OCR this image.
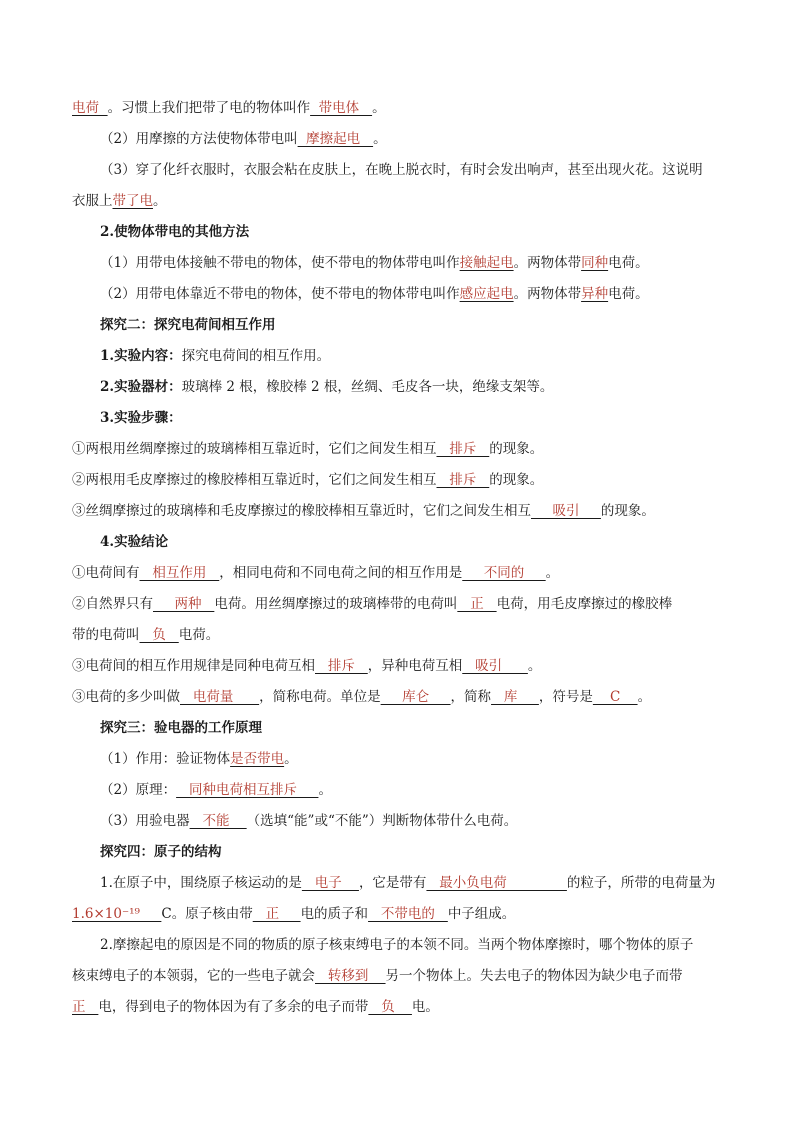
电荷  。习惯上我们把带了电的物体叫作  带电体   。
（2）用摩擦的方法使物体带电叫  摩擦起电   。
（3）穿了化纤衣服时，衣服会粘在皮肤上，在晚上脱衣时，有时会发出响声，甚至出现火花。这说明
衣服上带了电。
2.使物体带电的其他方法
（1）用带电体接触不带电的物体，使不带电的物体带电叫作接触起电。两物体带同种电荷。
（2）用带电体靠近不带电的物体，使不带电的物体带电叫作感应起电。两物体带异种电荷。
探究二：探究电荷间相互作用
1.实验内容：探究电荷间的相互作用。
2.实验器材：玻璃棒 2 根，橡胶棒 2 根，丝绸、毛皮各一块，绝缘支架等。
3.实验步骤：
①两根用丝绸摩擦过的玻璃棒相互靠近时，它们之间发生相互   排斥   的现象。
②两根用毛皮摩擦过的橡胶棒相互靠近时，它们之间发生相互   排斥   的现象。
③丝绸摩擦过的玻璃棒和毛皮摩擦过的橡胶棒相互靠近时，它们之间发生相互     吸引     的现象。
4.实验结论
①电荷间有   相互作用   ，相同电荷和不同电荷之间的相互作用是     不同的     。
②自然界只有     两种   电荷。用丝绸摩擦过的玻璃棒带的电荷叫   正   电荷，用毛皮摩擦过的橡胶棒
带的电荷叫   负   电荷。
③电荷间的相互作用规律是同种电荷互相   排斥   ，异种电荷互相   吸引      。
③电荷的多少叫做   电荷量      ，简称电荷。单位是     库仑     ，简称   库     ，符号是    C    。
探究三：验电器的工作原理
（1）作用：验证物体是否带电。
（2）原理：   同种电荷相互排斥     。
（3）用验电器   不能    （选填“能”或“不能”）判断物体带什么电荷。
探究四：原子的结构
1.在原子中，围绕原子核运动的是   电子    ，它是带有   最小负电荷              的粒子，所带的电荷量为
1.6×10⁻¹⁹     C。原子核由带   正     电的质子和   不带电的   中子组成。
2.摩擦起电的原因是不同的物质的原子核束缚电子的本领不同。当两个物体摩擦时，哪个物体的原子
核束缚电子的本领弱，它的一些电子就会   转移到    另一个物体上。失去电子的物体因为缺少电子而带
正   电，得到电子的物体因为有了多余的电子而带   负    电。
